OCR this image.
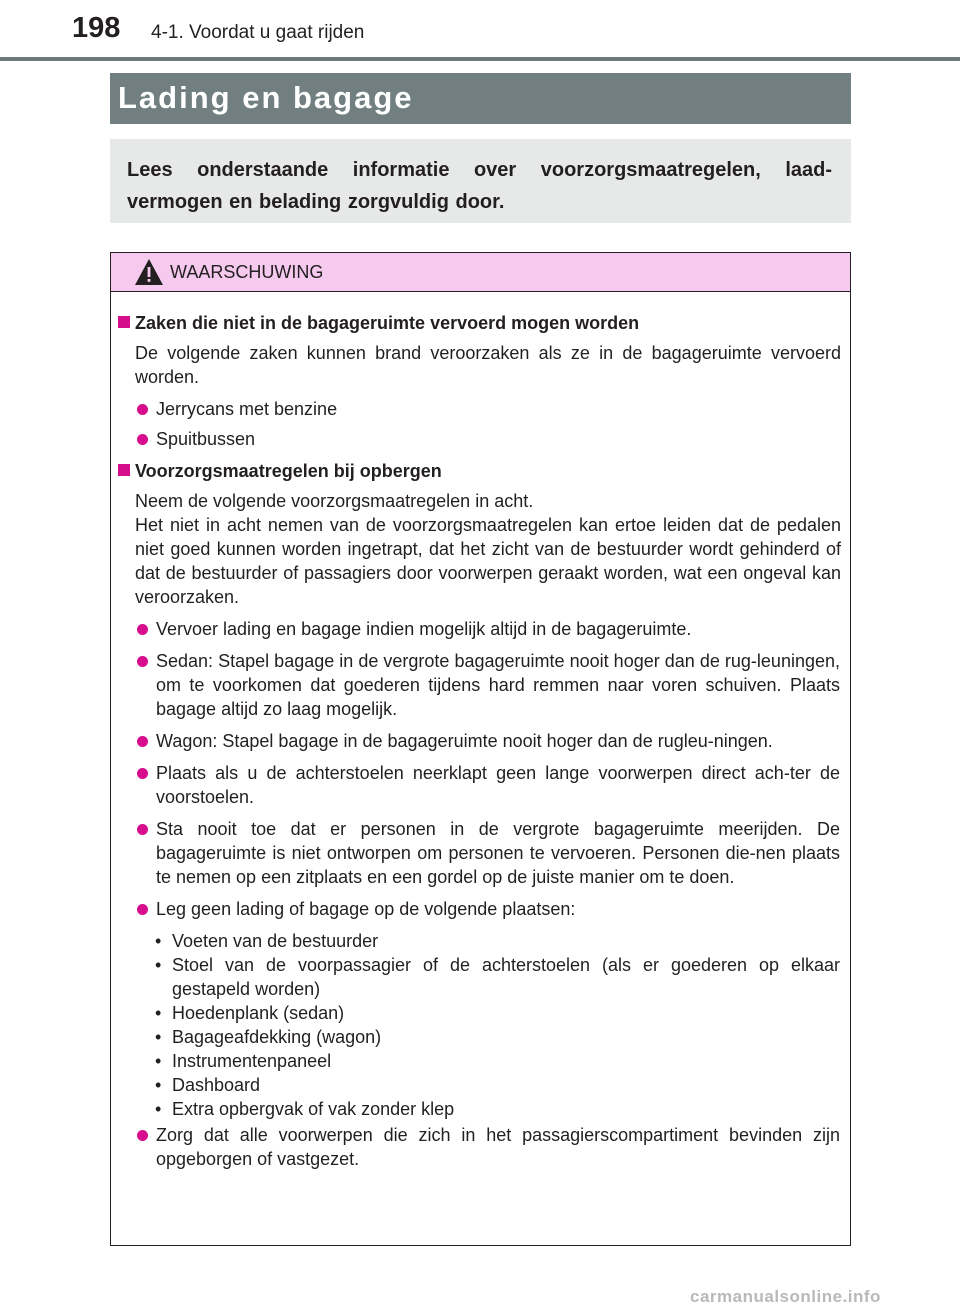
198 4-1. Voordat u gaat rijden
Lading en bagage

Lees onderstaande informatie over voorzorgsmaatregelen, laad-vermogen en belading zorgvuldig door.

WAARSCHUWING

Zaken die niet in de bagageruimte vervoerd mogen worden

De volgende zaken kunnen brand veroorzaken als ze in de bagageruimte vervoerd worden.

Jerrycans met benzine

Spuitbussen

Voorzorgsmaatregelen bij opbergen

Neem de volgende voorzorgsmaatregelen in acht.

Het niet in acht nemen van de voorzorgsmaatregelen kan ertoe leiden dat de pedalen niet goed kunnen worden ingetrapt, dat het zicht van de bestuurder wordt gehinderd of dat de bestuurder of passagiers door voorwerpen geraakt worden, wat een ongeval kan veroorzaken.

Vervoer lading en bagage indien mogelijk altijd in de bagageruimte.

Sedan: Stapel bagage in de vergrote bagageruimte nooit hoger dan de rug-leuningen, om te voorkomen dat goederen tijdens hard remmen naar voren schuiven. Plaats bagage altijd zo laag mogelijk.

Wagon: Stapel bagage in de bagageruimte nooit hoger dan de rugleu-ningen.

Plaats als u de achterstoelen neerklapt geen lange voorwerpen direct ach-ter de voorstoelen.

Sta nooit toe dat er personen in de vergrote bagageruimte meerijden. De bagageruimte is niet ontworpen om personen te vervoeren. Personen die-nen plaats te nemen op een zitplaats en een gordel op de juiste manier om te doen.

Leg geen lading of bagage op de volgende plaatsen:

• Voeten van de bestuurder
• Stoel van de voorpassagier of de achterstoelen (als er goederen op elkaar gestapeld worden)
• Hoedenplank (sedan)
• Bagageafdekking (wagon)
• Instrumentenpaneel
• Dashboard
• Extra opbergvak of vak zonder klep

Zorg dat alle voorwerpen die zich in het passagierscompartiment bevinden zijn opgeborgen of vastgezet.

carmanualsonline.info
